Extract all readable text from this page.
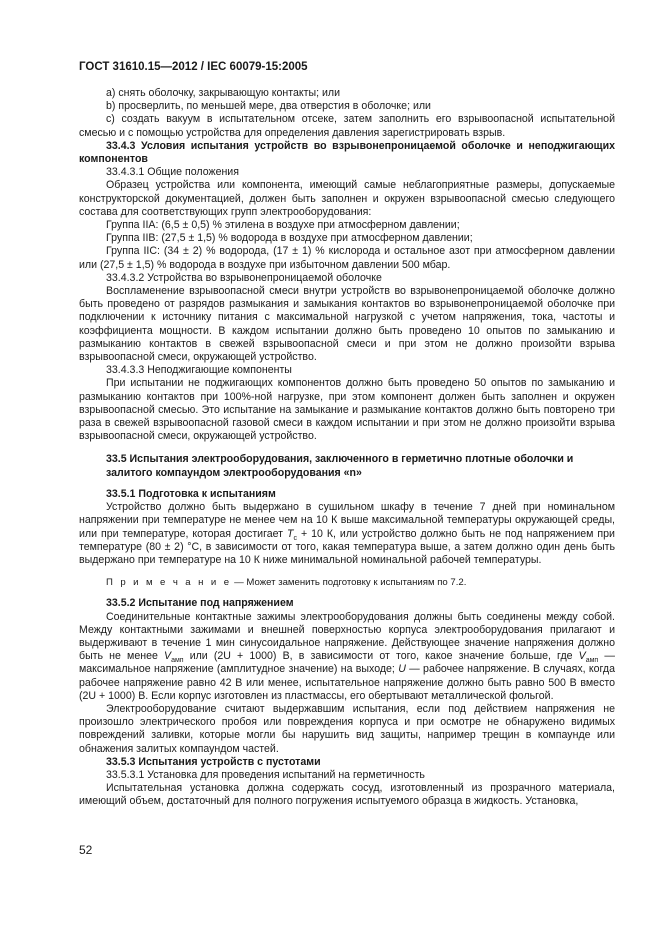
ГОСТ 31610.15—2012 / IEC 60079-15:2005

a) снять оболочку, закрывающую контакты; или

b) просверлить, по меньшей мере, два отверстия в оболочке; или

c) создать вакуум в испытательном отсеке, затем заполнить его взрывоопасной испытательной смесью и с помощью устройства для определения давления зарегистрировать взрыв.

33.4.3 Условия испытания устройств во взрывонепроницаемой оболочке и неподжигающих компонентов

33.4.3.1 Общие положения

Образец устройства или компонента, имеющий самые неблагоприятные размеры, допускаемые конструкторской документацией, должен быть заполнен и окружен взрывоопасной смесью следующего состава для соответствующих групп электрооборудования:

Группа IIA: (6,5 ± 0,5) % этилена в воздухе при атмосферном давлении;

Группа IIB: (27,5 ± 1,5) % водорода в воздухе при атмосферном давлении;

Группа IIC: (34 ± 2) % водорода, (17 ± 1) % кислорода и остальное азот при атмосферном давлении или (27,5 ± 1,5) % водорода в воздухе при избыточном давлении 500 мбар.

33.4.3.2 Устройства во взрывонепроницаемой оболочке

Воспламенение взрывоопасной смеси внутри устройств во взрывонепроницаемой оболочке должно быть проведено от разрядов размыкания и замыкания контактов во взрывонепроницаемой оболочке при подключении к источнику питания с максимальной нагрузкой с учетом напряжения, тока, частоты и коэффициента мощности. В каждом испытании должно быть проведено 10 опытов по замыканию и размыканию контактов в свежей взрывоопасной смеси и при этом не должно произойти взрыва взрывоопасной смеси, окружающей устройство.

33.4.3.3 Неподжигающие компоненты

При испытании не поджигающих компонентов должно быть проведено 50 опытов по замыканию и размыканию контактов при 100%-ной нагрузке, при этом компонент должен быть заполнен и окружен взрывоопасной смесью. Это испытание на замыкание и размыкание контактов должно быть повторено три раза в свежей взрывоопасной газовой смеси в каждом испытании и при этом не должно произойти взрыва взрывоопасной смеси, окружающей устройство.

33.5 Испытания электрооборудования, заключенного в герметично плотные оболочки и залитого компаундом электрооборудования «n»

33.5.1 Подготовка к испытаниям

Устройство должно быть выдержано в сушильном шкафу в течение 7 дней при номинальном напряжении при температуре не менее чем на 10 К выше максимальной температуры окружающей среды, или при температуре, которая достигает $T_c + 10$ К, или устройство должно быть не под напряжением при температуре (80 ± 2) °С, в зависимости от того, какая температура выше, а затем должно один день быть выдержано при температуре на 10 К ниже минимальной номинальной рабочей температуры.

П р и м е ч а н и е — Может заменить подготовку к испытаниям по 7.2.

33.5.2 Испытание под напряжением

Соединительные контактные зажимы электрооборудования должны быть соединены между собой. Между контактными зажимами и внешней поверхностью корпуса электрооборудования прилагают и выдерживают в течение 1 мин синусоидальное напряжение. Действующее значение напряжения должно быть не менее $V_{амп}$ или (2U + 1000) В, в зависимости от того, какое значение больше, где $V_{амп}$ — максимальное напряжение (амплитудное значение) на выходе; U — рабочее напряжение. В случаях, когда рабочее напряжение равно 42 В или менее, испытательное напряжение должно быть равно 500 В вместо (2U + 1000) В. Если корпус изготовлен из пластмассы, его обертывают металлической фольгой.

Электрооборудование считают выдержавшим испытания, если под действием напряжения не произошло электрического пробоя или повреждения корпуса и при осмотре не обнаружено видимых повреждений заливки, которые могли бы нарушить вид защиты, например трещин в компаунде или обнажения залитых компаундом частей.

33.5.3 Испытания устройств с пустотами

33.5.3.1 Установка для проведения испытаний на герметичность

Испытательная установка должна содержать сосуд, изготовленный из прозрачного материала, имеющий объем, достаточный для полного погружения испытуемого образца в жидкость. Установка,

52
